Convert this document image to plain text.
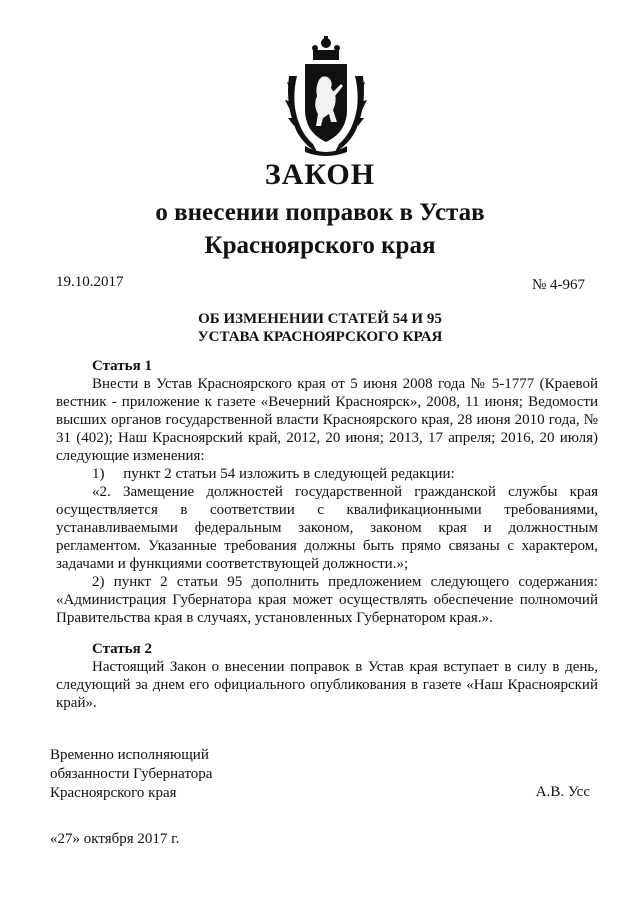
ЗАКОН
о внесении поправок в Устав
Красноярского края
19.10.2017	№ 4-967
ОБ ИЗМЕНЕНИИ СТАТЕЙ 54 И 95
УСТАВА КРАСНОЯРСКОГО КРАЯ
Статья 1

Внести в Устав Красноярского края от 5 июня 2008 года № 5-1777 (Краевой вестник - приложение к газете «Вечерний Красноярск», 2008, 11 июня; Ведомости высших органов государственной власти Красноярского края, 28 июня 2010 года, № 31 (402); Наш Красноярский край, 2012, 20 июня; 2013, 17 апреля; 2016, 20 июля) следующие изменения:

1)     пункт 2 статьи 54 изложить в следующей редакции:

«2. Замещение должностей государственной гражданской службы края осуществляется в соответствии с квалификационными требованиями, устанавливаемыми федеральным законом, законом края и должностным регламентом. Указанные требования должны быть прямо связаны с характером, задачами и функциями соответствующей должности.»;

2) пункт 2 статьи 95 дополнить предложением следующего содержания: «Администрация Губернатора края может осуществлять обеспечение полномочий Правительства края в случаях, установленных Губернатором края.».

Статья 2

Настоящий Закон о внесении поправок в Устав края вступает в силу в день, следующий за днем его официального опубликования в газете «Наш Красноярский край».

Временно исполняющий
обязанности Губернатора
Красноярского края	А.В. Усс
«27» октября 2017 г.
